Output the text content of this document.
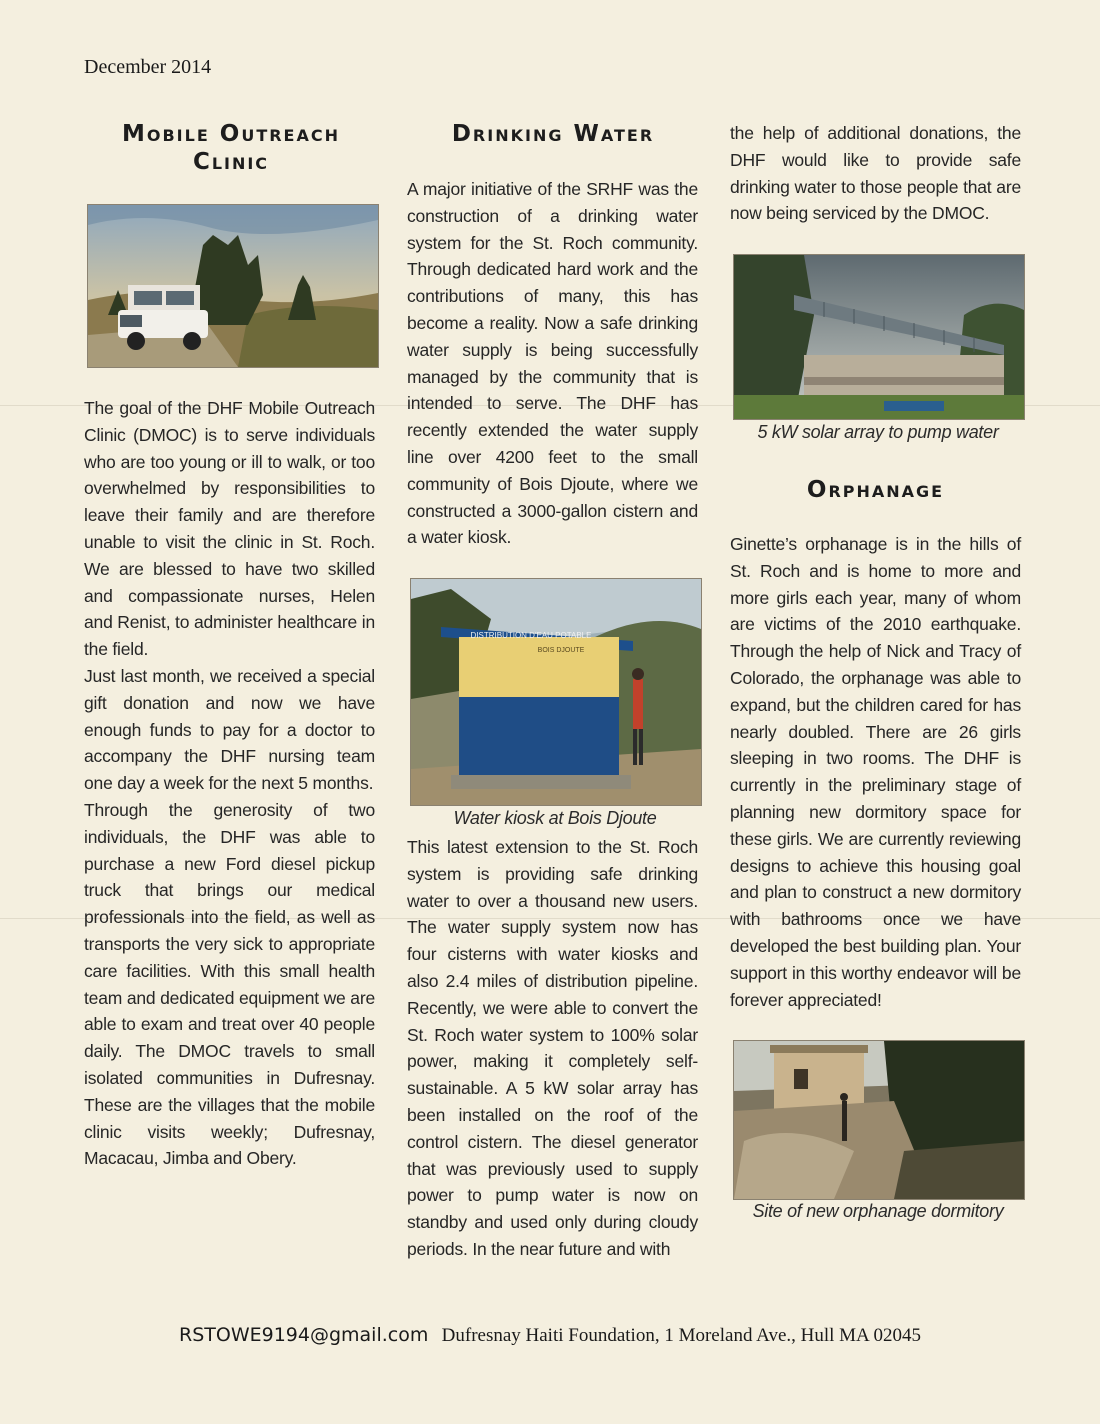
December 2014
Mobile Outreach Clinic

The goal of the DHF Mobile Outreach Clinic (DMOC) is to serve individuals who are too young or ill to walk, or too overwhelmed by responsibilities to leave their family and are therefore unable to visit the clinic in St. Roch. We are blessed to have two skilled and compassionate nurses, Helen and Renist, to administer healthcare in the field.

Just last month, we received a special gift donation and now we have enough funds to pay for a doctor to accompany the DHF nursing team one day a week for the next 5 months.

Through the generosity of two individuals, the DHF was able to purchase a new Ford diesel pickup truck that brings our medical professionals into the field, as well as transports the very sick to appropriate care facilities. With this small health team and dedicated equipment we are able to exam and treat over 40 people daily. The DMOC travels to small isolated communities in Dufresnay. These are the villages that the mobile clinic visits weekly; Dufresnay, Macacau, Jimba and Obery.

Drinking Water

A major initiative of the SRHF was the construction of a drinking water system for the St. Roch community. Through dedicated hard work and the contributions of many, this has become a reality. Now a safe drinking water supply is being successfully managed by the community that is intended to serve. The DHF has recently extended the water supply line over 4200 feet to the small community of Bois Djoute, where we constructed a 3000-gallon cistern and a water kiosk.

DISTRIBUTION D'EAU POTABLE
BOIS DJOUTE
Water kiosk at Bois Djoute

This latest extension to the St. Roch system is providing safe drinking water to over a thousand new users. The water supply system now has four cisterns with water kiosks and also 2.4 miles of distribution pipeline. Recently, we were able to convert the St. Roch water system to 100% solar power, making it completely self-sustainable. A 5 kW solar array has been installed on the roof of the control cistern. The diesel generator that was previously used to supply power to pump water is now on standby and used only during cloudy periods. In the near future and with

the help of additional donations, the DHF would like to provide safe drinking water to those people that are now being serviced by the DMOC.

5 kW solar array to pump water
Orphanage

Ginette’s orphanage is in the hills of St. Roch and is home to more and more girls each year, many of whom are victims of the 2010 earthquake. Through the help of Nick and Tracy of Colorado, the orphanage was able to expand, but the children cared for has nearly doubled. There are 26 girls sleeping in two rooms. The DHF is currently in the preliminary stage of planning new dormitory space for these girls. We are currently reviewing designs to achieve this housing goal and plan to construct a new dormitory with bathrooms once we have developed the best building plan. Your support in this worthy endeavor will be forever appreciated!

Site of new orphanage dormitory
RSTOWE9194@gmail.com Dufresnay Haiti Foundation, 1 Moreland Ave., Hull MA 02045
